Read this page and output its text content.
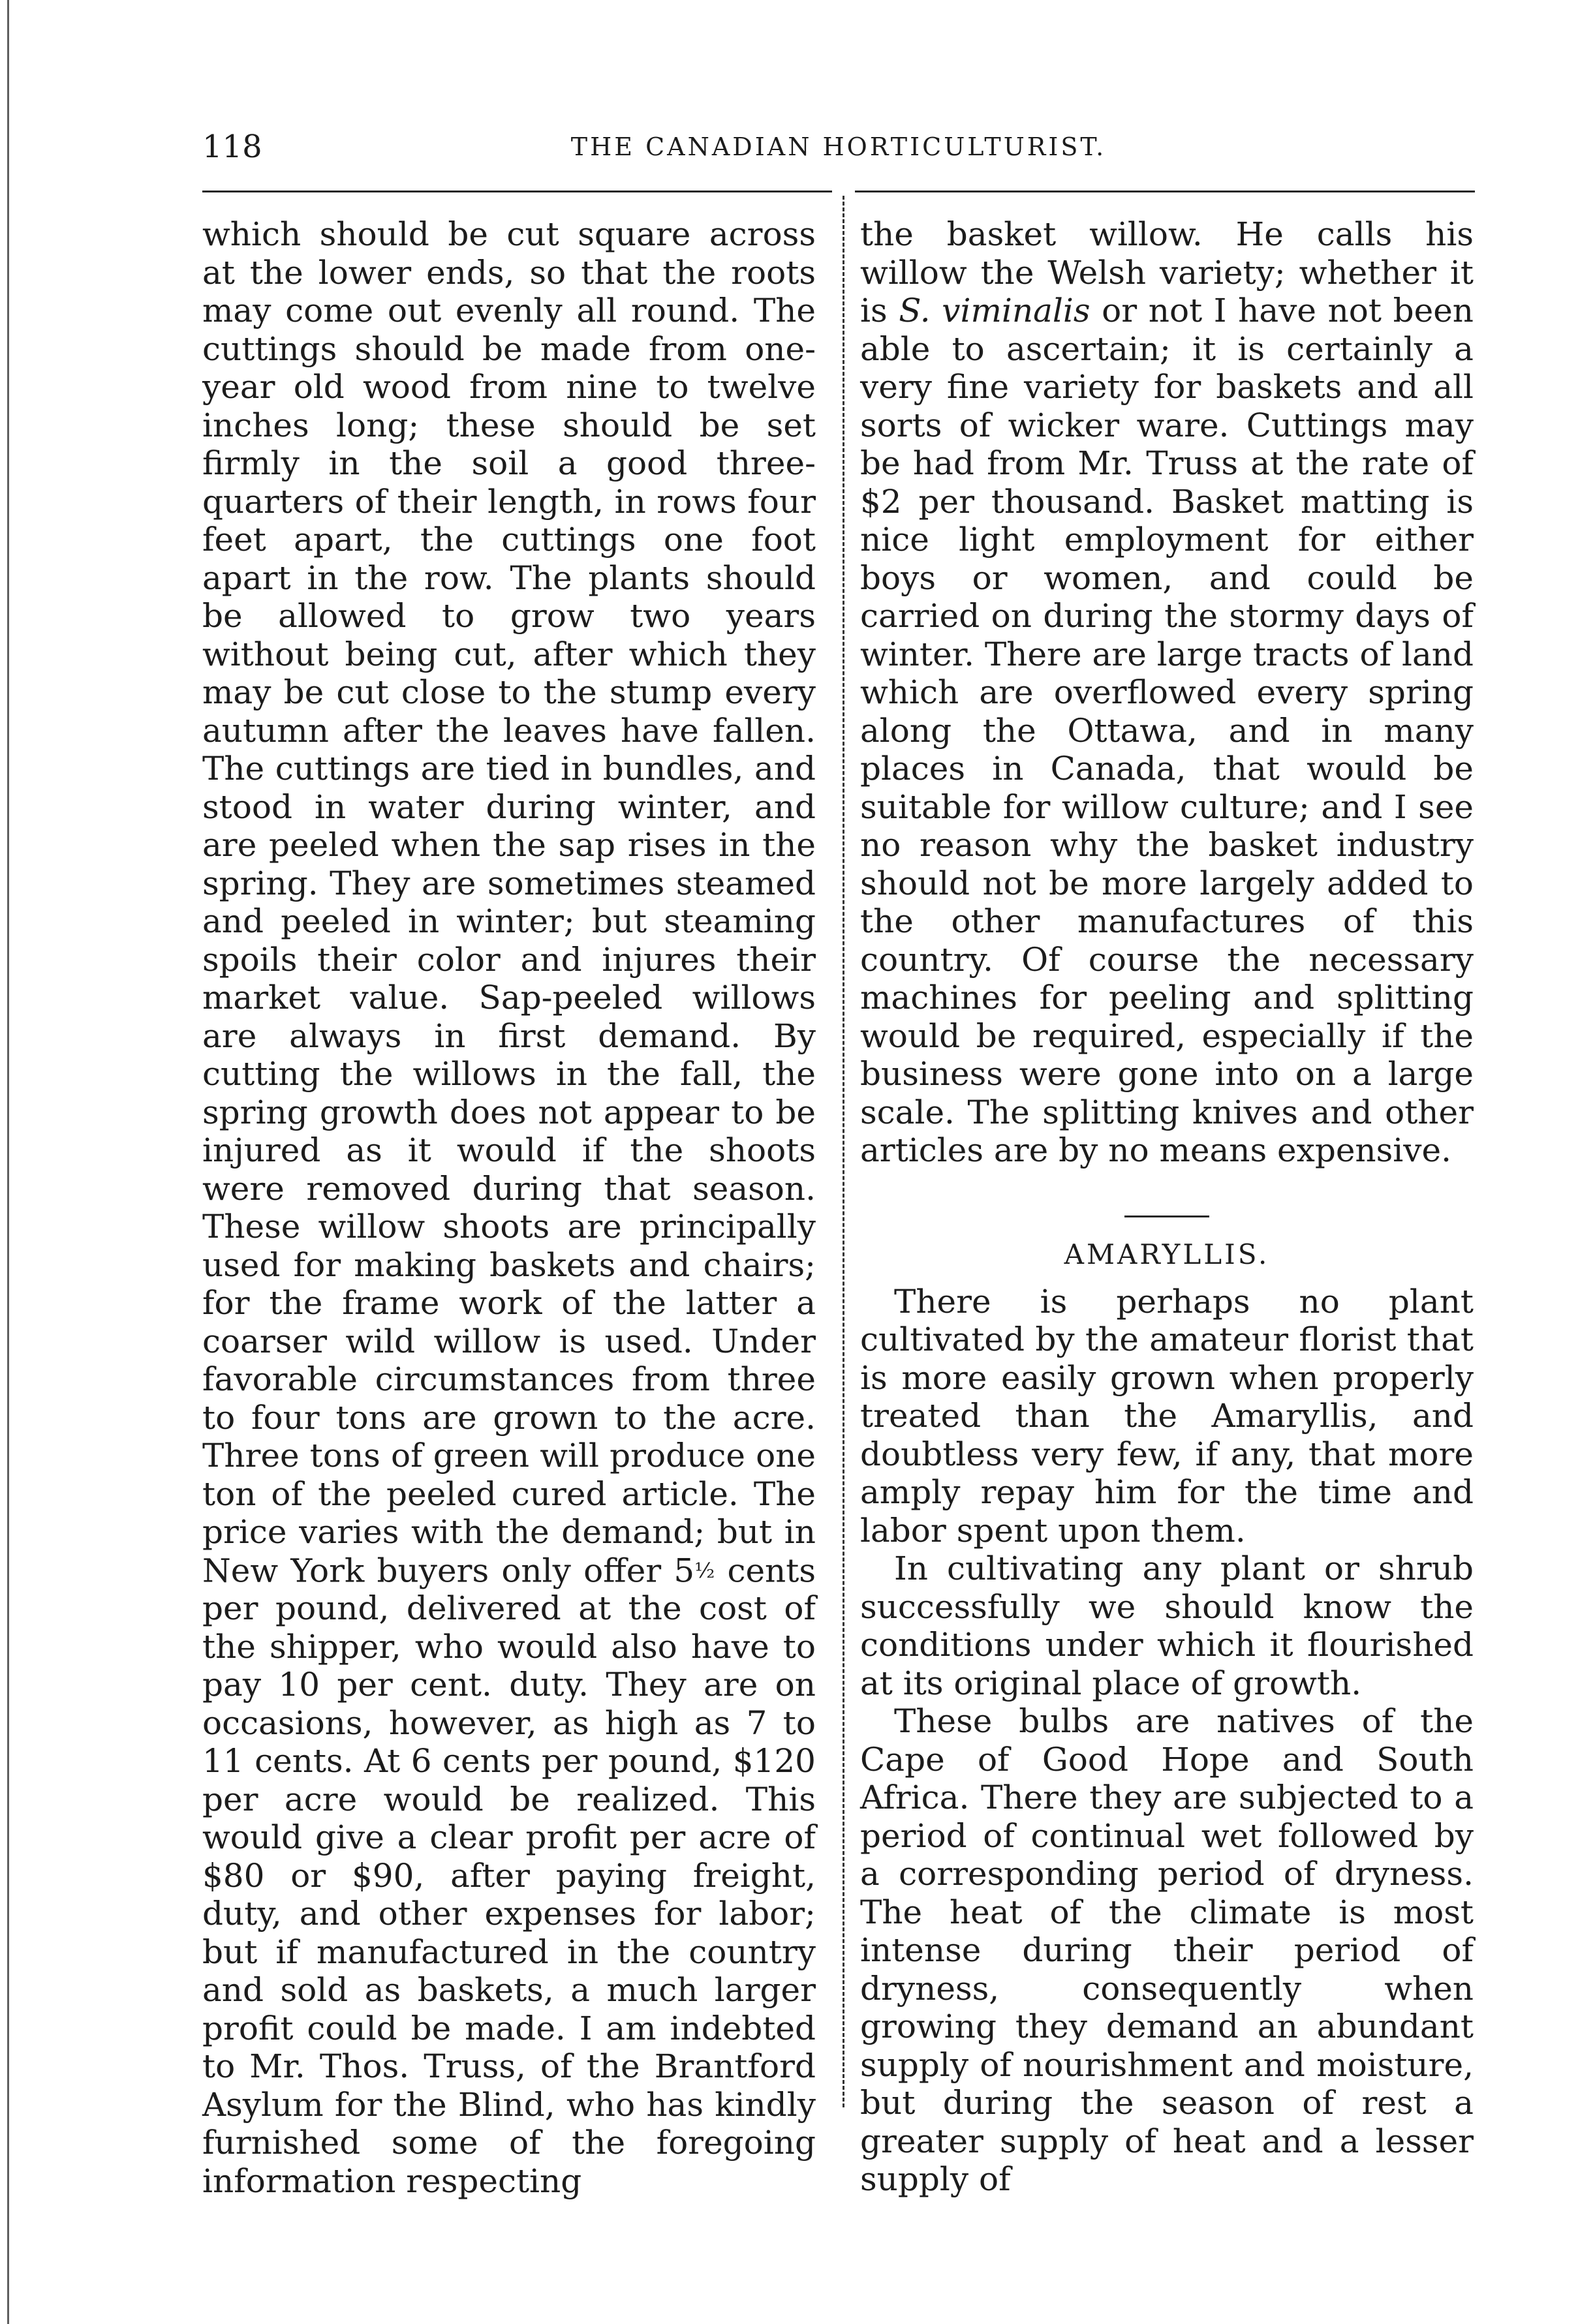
118	THE CANADIAN HORTICULTURIST.

which should be cut square across at the lower ends, so that the roots may come out evenly all round. The cuttings should be made from one-year old wood from nine to twelve inches long; these should be set firmly in the soil a good three-quarters of their length, in rows four feet apart, the cuttings one foot apart in the row. The plants should be allowed to grow two years without being cut, after which they may be cut close to the stump every autumn after the leaves have fallen. The cuttings are tied in bundles, and stood in water during winter, and are peeled when the sap rises in the spring. They are sometimes steamed and peeled in winter; but steaming spoils their color and injures their market value. Sap-peeled willows are always in first demand. By cutting the willows in the fall, the spring growth does not appear to be injured as it would if the shoots were removed during that season. These willow shoots are principally used for making baskets and chairs; for the frame work of the latter a coarser wild willow is used. Under favorable circumstances from three to four tons are grown to the acre. Three tons of green will produce one ton of the peeled cured article. The price varies with the demand; but in New York buyers only offer 5½ cents per pound, delivered at the cost of the shipper, who would also have to pay 10 per cent. duty. They are on occasions, however, as high as 7 to 11 cents. At 6 cents per pound, $120 per acre would be realized. This would give a clear profit per acre of $80 or $90, after paying freight, duty, and other expenses for labor; but if manufactured in the country and sold as baskets, a much larger profit could be made. I am indebted to Mr. Thos. Truss, of the Brantford Asylum for the Blind, who has kindly furnished some of the foregoing information respecting

the basket willow. He calls his willow the Welsh variety; whether it is S. viminalis or not I have not been able to ascertain; it is certainly a very fine variety for baskets and all sorts of wicker ware. Cuttings may be had from Mr. Truss at the rate of $2 per thousand. Basket matting is nice light employment for either boys or women, and could be carried on during the stormy days of winter. There are large tracts of land which are overflowed every spring along the Ottawa, and in many places in Canada, that would be suitable for willow culture; and I see no reason why the basket industry should not be more largely added to the other manufactures of this country. Of course the necessary machines for peeling and splitting would be required, especially if the business were gone into on a large scale. The splitting knives and other articles are by no means expensive.

AMARYLLIS.

There is perhaps no plant cultivated by the amateur florist that is more easily grown when properly treated than the Amaryllis, and doubtless very few, if any, that more amply repay him for the time and labor spent upon them.

In cultivating any plant or shrub successfully we should know the conditions under which it flourished at its original place of growth.

These bulbs are natives of the Cape of Good Hope and South Africa. There they are subjected to a period of continual wet followed by a corresponding period of dryness. The heat of the climate is most intense during their period of dryness, consequently when growing they demand an abundant supply of nourishment and moisture, but during the season of rest a greater supply of heat and a lesser supply of
